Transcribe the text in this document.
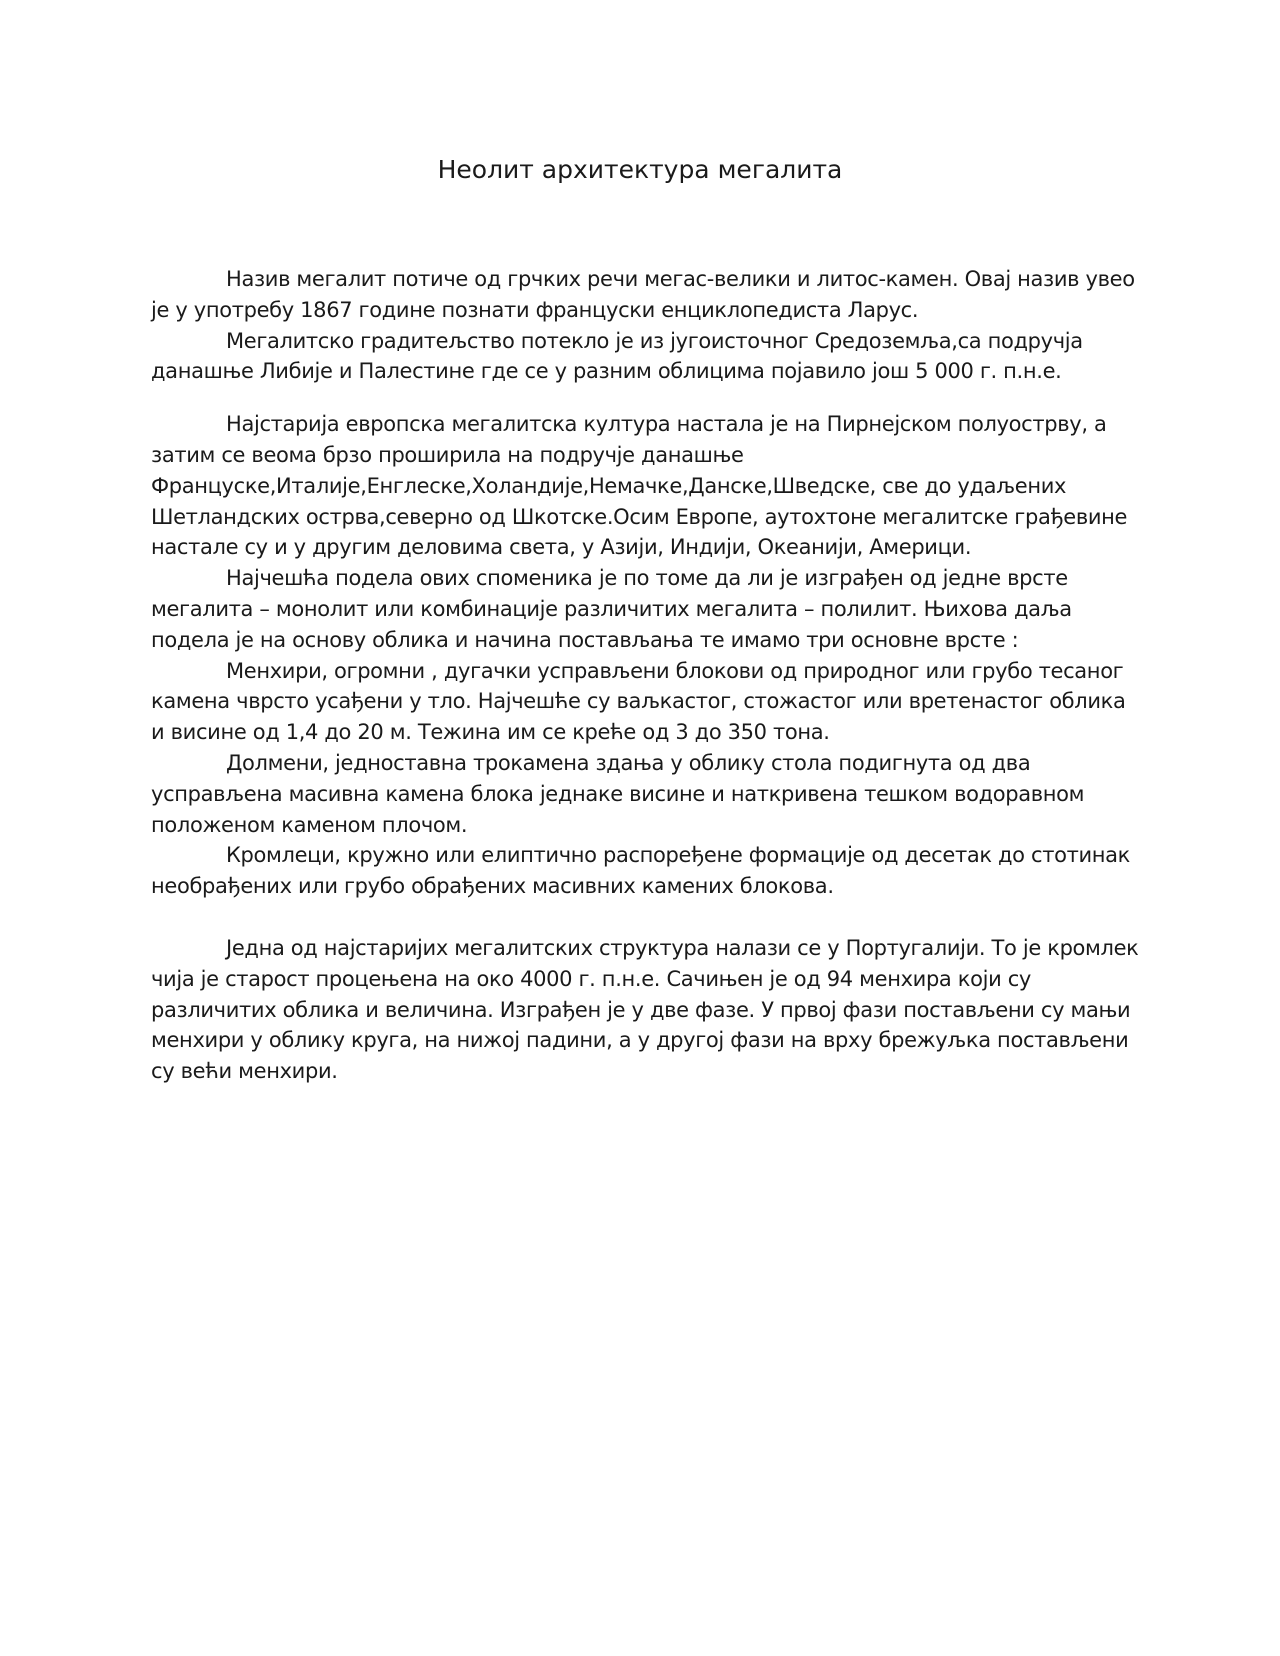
Неолит архитектура мегалита

Назив мегалит потиче од грчких речи мегас-велики и литос-камен. Овај назив увео је у употребу 1867 године познати француски енциклопедиста Ларус.

Мегалитско градитељство потекло је из југоисточног Средоземља,са подручја данашње Либије и Палестине где се у разним облицима појавило још 5 000 г. п.н.е.

Најстарија европска мегалитска култура настала је на Пирнејском полуострву, а затим се веома брзо проширила на подручје данашње Француске,Италије,Енглеске,Холандије,Немачке,Данске,Шведске, све до удаљених Шетландских острва,северно од Шкотске.Осим Европе, аутохтоне мегалитске грађевине настале су и у другим деловима света, у Азији, Индији, Океанији, Америци.

Најчешћа подела ових споменика је по томе да ли је изграђен од једне врсте мегалита – монолит или комбинације различитих мегалита – полилит. Њихова даља подела је на основу облика и начина постављања те имамо три основне врсте :

Менхири, огромни , дугачки усправљени блокови од природног или грубо тесаног камена чврсто усађени у тло. Најчешће су ваљкастог, стожастог или вретенастог облика и висине од 1,4 до 20 м. Тежина им се креће од 3 до 350 тона.

Долмени, једноставна трокамена здања у облику стола подигнута од два усправљена масивна камена блока једнаке висине и наткривена тешком водоравном положеном каменом плочом.

Кромлеци, кружно или елиптично распоређене формације од десетак до стотинак необрађених или грубо обрађених масивних камених блокова.

Једна од најстаријих мегалитских структура налази се у Португалији. То је кромлек чија је старост процењена на око 4000 г. п.н.е. Сачињен је од 94 менхира који су различитих облика и величина. Изграђен је у две фазе. У првој фази постављени су мањи менхири у облику круга, на нижој падини, а у другој фази на врху брежуљка постављени су већи менхири.
